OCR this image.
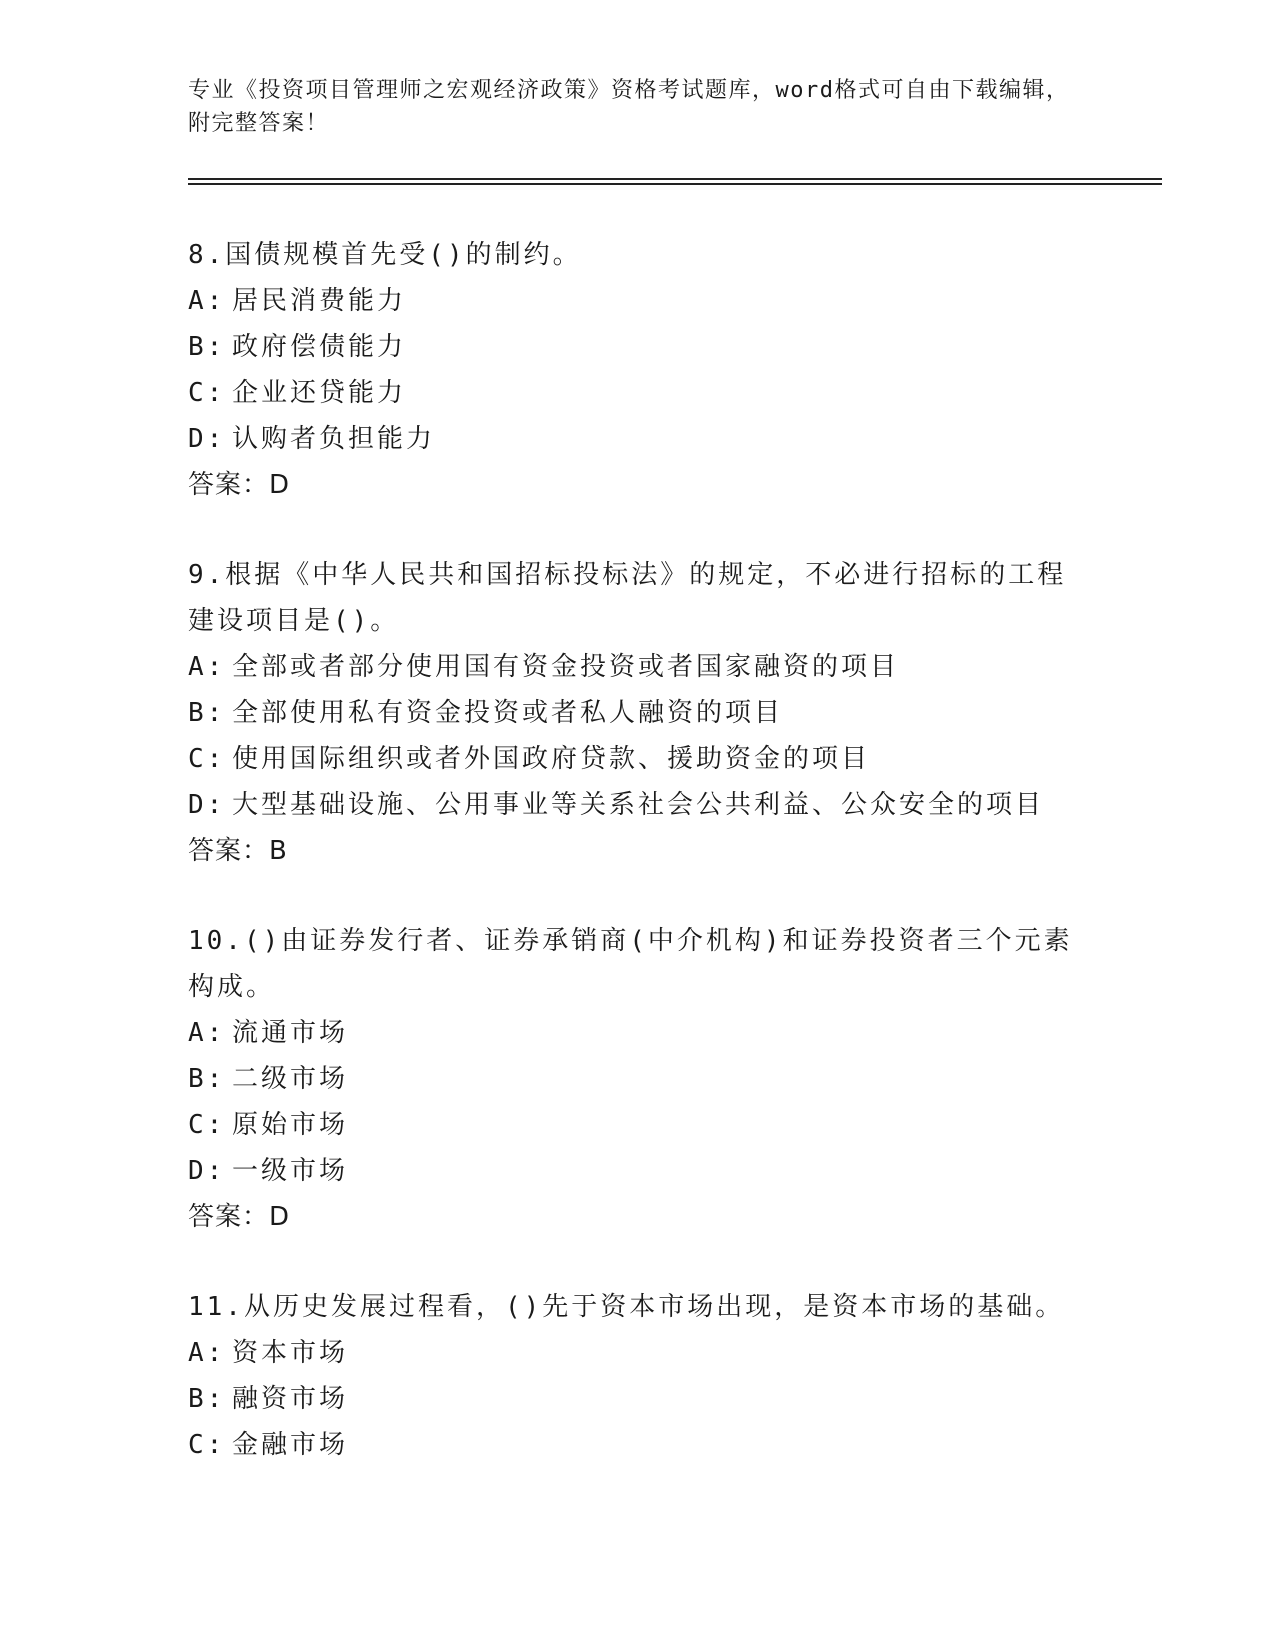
专业《投资项目管理师之宏观经济政策》资格考试题库，word格式可自由下载编辑，附完整答案！
8.国债规模首先受()的制约。
A: 居民消费能力
B: 政府偿债能力
C: 企业还贷能力
D: 认购者负担能力
答案：D
9.根据《中华人民共和国招标投标法》的规定，不必进行招标的工程建设项目是()。
A: 全部或者部分使用国有资金投资或者国家融资的项目
B: 全部使用私有资金投资或者私人融资的项目
C: 使用国际组织或者外国政府贷款、援助资金的项目
D: 大型基础设施、公用事业等关系社会公共利益、公众安全的项目
答案：B
10.()由证券发行者、证券承销商(中介机构)和证券投资者三个元素构成。
A: 流通市场
B: 二级市场
C: 原始市场
D: 一级市场
答案：D
11.从历史发展过程看，()先于资本市场出现，是资本市场的基础。
A: 资本市场
B: 融资市场
C: 金融市场
